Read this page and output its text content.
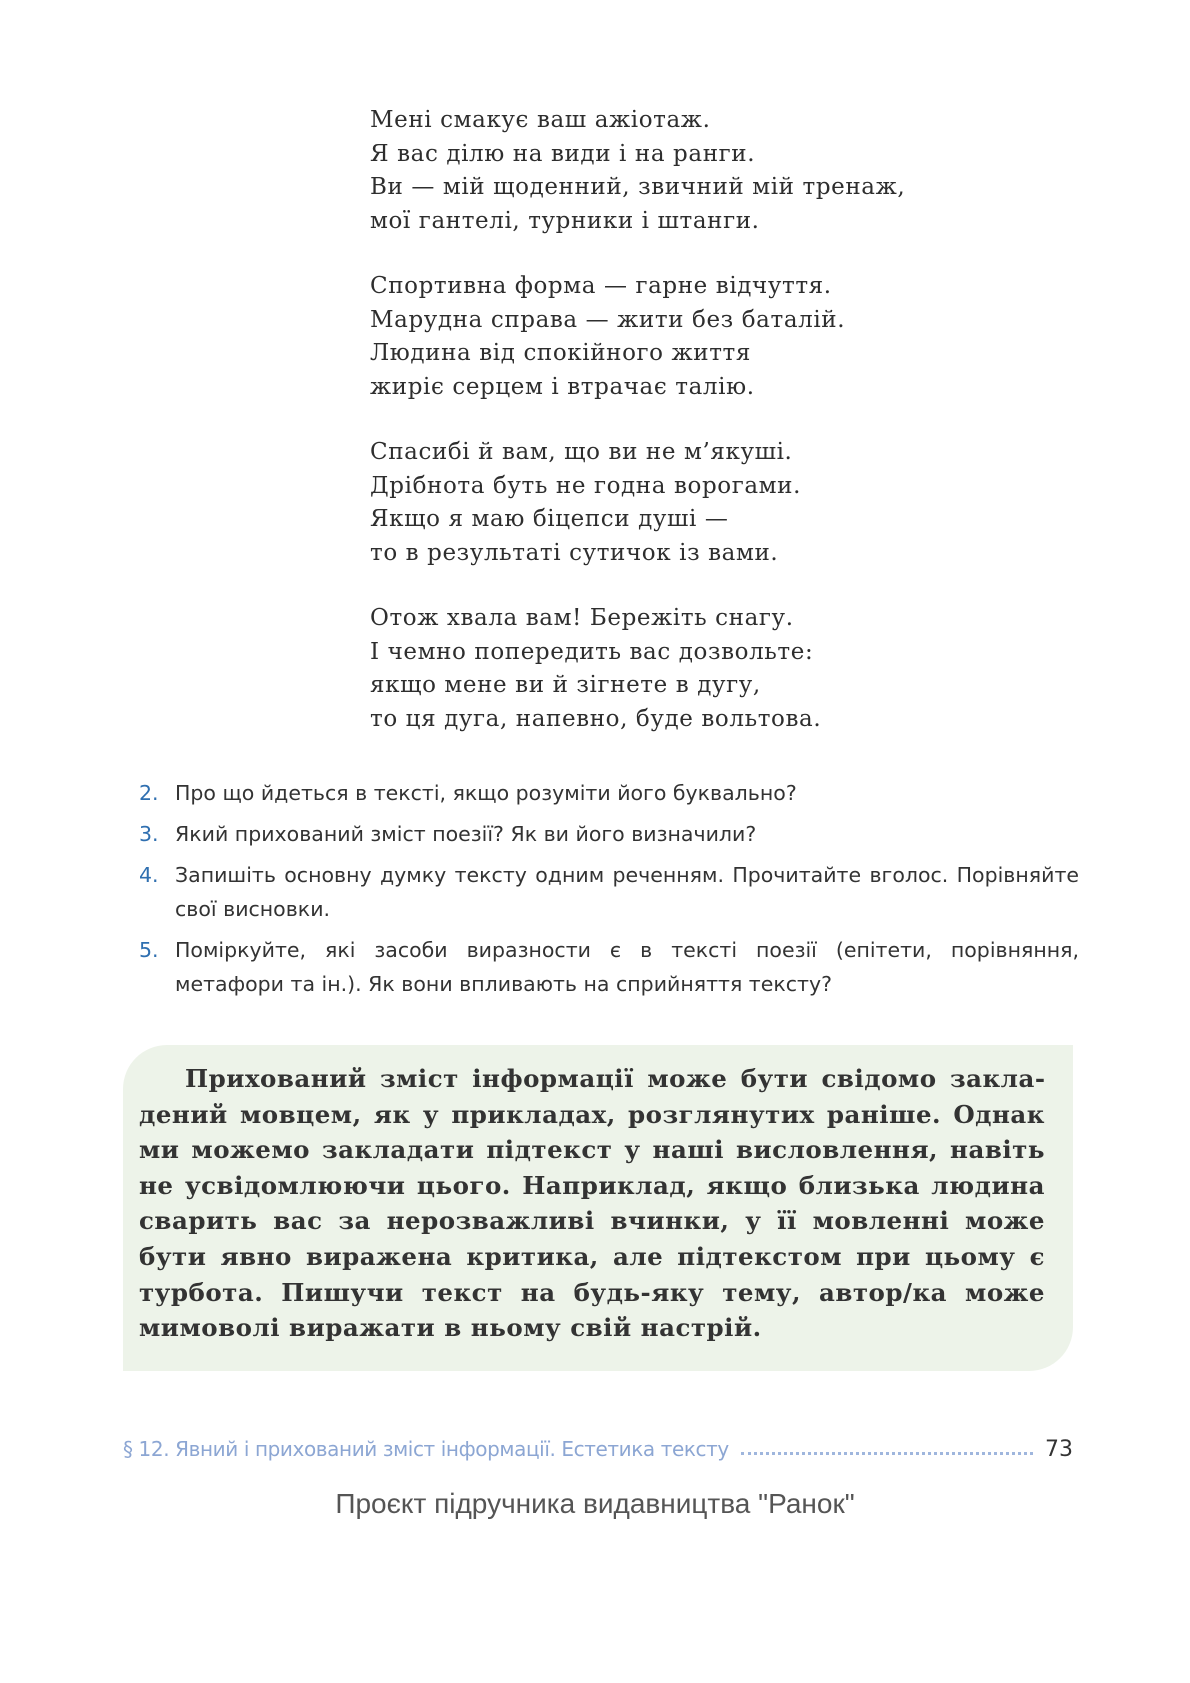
Мені смакує ваш ажіотаж.
Я вас ділю на види і на ранги.
Ви — мій щоденний, звичний мій тренаж,
мої гантелі, турники і штанги.
Спортивна форма — гарне відчуття.
Марудна справа — жити без баталій.
Людина від спокійного життя
жиріє серцем і втрачає талію.
Спасибі й вам, що ви не м’якуші.
Дрібнота буть не годна ворогами.
Якщо я маю біцепси душі —
то в результаті сутичок із вами.
Отож хвала вам! Бережіть снагу.
І чемно попередить вас дозвольте:
якщо мене ви й зігнете в дугу,
то ця дуга, напевно, буде вольтова.
2. Про що йдеться в тексті, якщо розуміти його буквально?
3. Який прихований зміст поезії? Як ви його визначили?
4. Запишіть основну думку тексту одним реченням. Прочитайте вголос. Порівняйте свої висновки.
5. Поміркуйте, які засоби виразности є в тексті поезії (епітети, порівняння, метафори та ін.). Як вони впливають на сприйняття тексту?

Прихований зміст інформації може бути свідомо закладений мовцем, як у прикладах, розглянутих раніше. Однак ми можемо закладати підтекст у наші висловлення, навіть не усвідомлюючи цього. Наприклад, якщо близька людина сварить вас за нерозважливі вчинки, у її мовленні може бути явно виражена критика, але підтекстом при цьому є турбота. Пишучи текст на будь-яку тему, автор/ка може мимоволі виражати в ньому свій настрій.

§ 12. Явний і прихований зміст інформації. Естетика тексту	73
Проєкт підручника видавництва "Ранок"
